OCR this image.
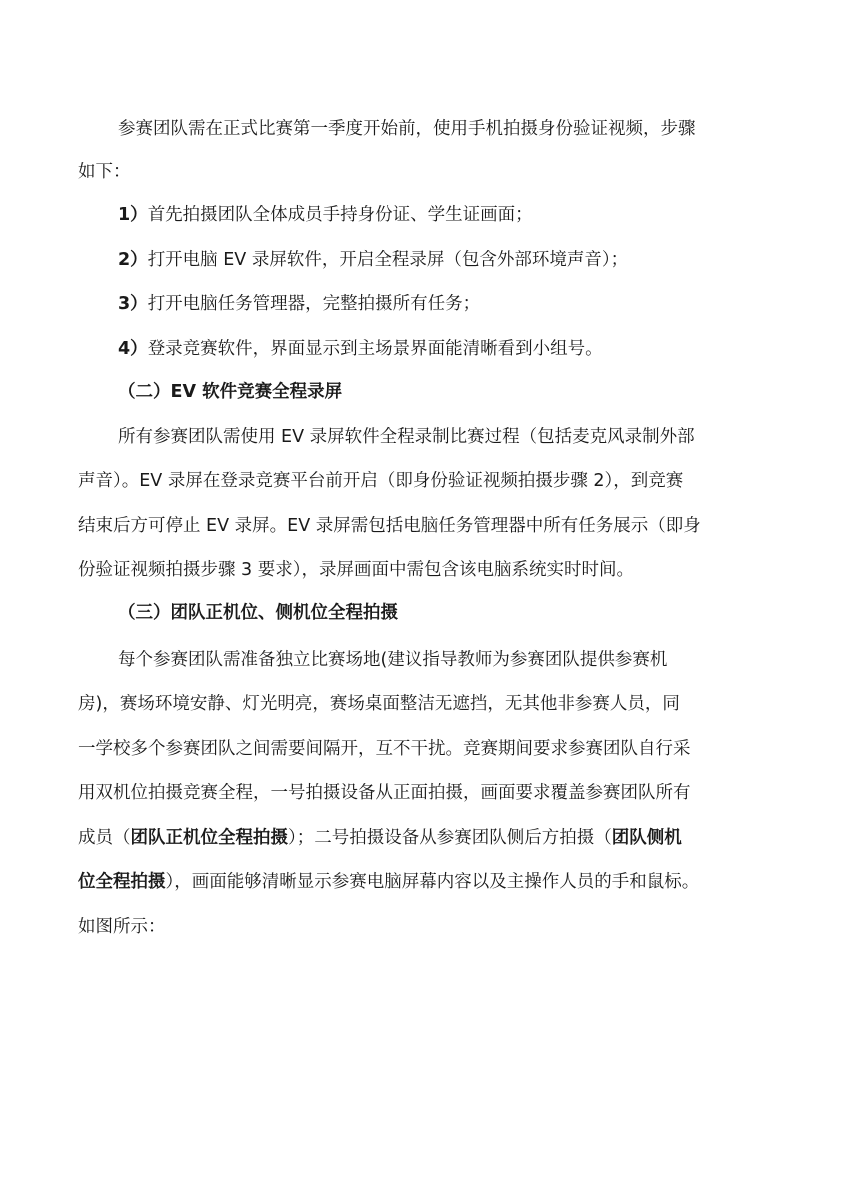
参赛团队需在正式比赛第一季度开始前，使用手机拍摄身份验证视频，步骤
如下：
1）首先拍摄团队全体成员手持身份证、学生证画面；
2）打开电脑 EV 录屏软件，开启全程录屏（包含外部环境声音）；
3）打开电脑任务管理器，完整拍摄所有任务；
4）登录竞赛软件，界面显示到主场景界面能清晰看到小组号。
（二）EV 软件竞赛全程录屏
所有参赛团队需使用 EV 录屏软件全程录制比赛过程（包括麦克风录制外部
声音）。EV 录屏在登录竞赛平台前开启（即身份验证视频拍摄步骤 2），到竞赛
结束后方可停止 EV 录屏。EV 录屏需包括电脑任务管理器中所有任务展示（即身
份验证视频拍摄步骤 3 要求），录屏画面中需包含该电脑系统实时时间。
（三）团队正机位、侧机位全程拍摄
每个参赛团队需准备独立比赛场地(建议指导教师为参赛团队提供参赛机
房)，赛场环境安静、灯光明亮，赛场桌面整洁无遮挡，无其他非参赛人员，同
一学校多个参赛团队之间需要间隔开，互不干扰。竞赛期间要求参赛团队自行采
用双机位拍摄竞赛全程，一号拍摄设备从正面拍摄，画面要求覆盖参赛团队所有
成员（团队正机位全程拍摄）；二号拍摄设备从参赛团队侧后方拍摄（团队侧机
位全程拍摄），画面能够清晰显示参赛电脑屏幕内容以及主操作人员的手和鼠标。
如图所示：
